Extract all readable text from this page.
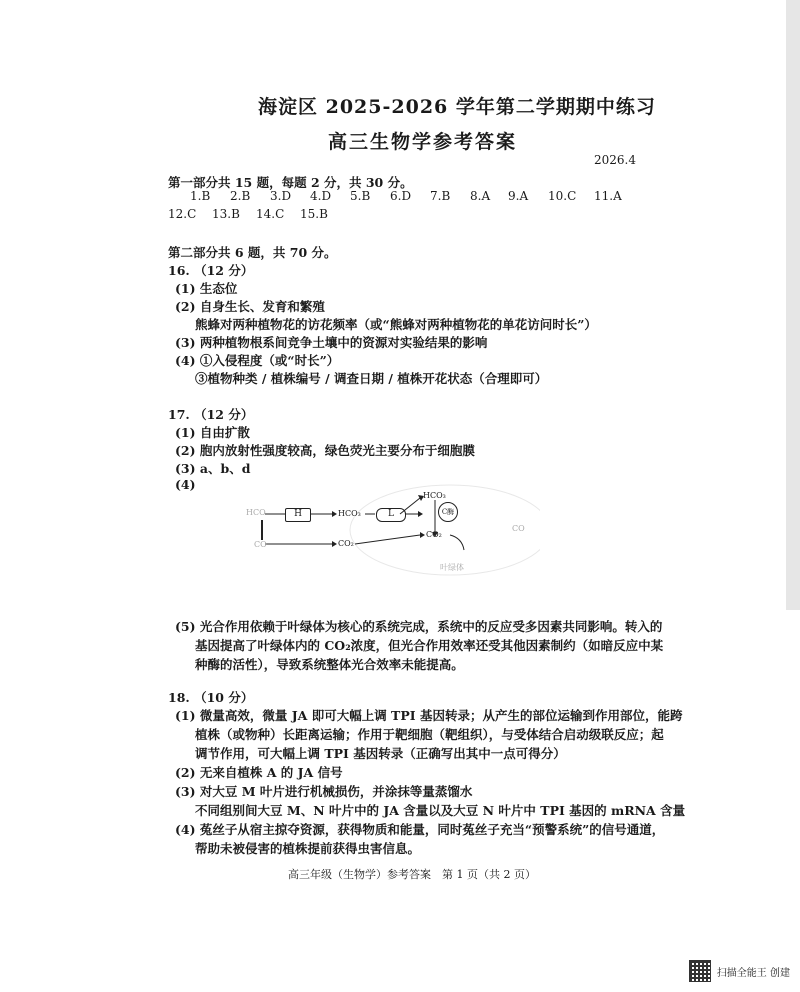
海淀区 2025-2026 学年第二学期期中练习
高三生物学参考答案
2026.4
第一部分共 15 题，每题 2 分，共 30 分。
1.B 2.B 3.D 4.D 5.B 6.D 7.B 8.A 9.A 10.C 11.A
12.C 13.B 14.C 15.B
第二部分共 6 题，共 70 分。
16. （12 分）
(1) 生态位
(2) 自身生长、发育和繁殖
熊蜂对两种植物花的访花频率（或“熊蜂对两种植物花的单花访问时长”）
(3) 两种植物根系间竞争土壤中的资源对实验结果的影响
(4) ①入侵程度（或“时长”）
③植物种类 / 植株编号 / 调查日期 / 植株开花状态（合理即可）
17. （12 分）
(1) 自由扩散
(2) 胞内放射性强度较高，绿色荧光主要分布于细胞膜
(3) a、b、d
(4)
H	HCO₃	L
HCO₃
C酶
CO₂
CO₂
HCO
CO
CO
叶绿体
(5) 光合作用依赖于叶绿体为核心的系统完成，系统中的反应受多因素共同影响。转入的
基因提高了叶绿体内的 CO₂浓度，但光合作用效率还受其他因素制约（如暗反应中某
种酶的活性），导致系统整体光合效率未能提高。
18. （10 分）
(1) 微量高效，微量 JA 即可大幅上调 TPI 基因转录；从产生的部位运输到作用部位，能跨
植株（或物种）长距离运输；作用于靶细胞（靶组织），与受体结合启动级联反应；起
调节作用，可大幅上调 TPI 基因转录（正确写出其中一点可得分）
(2) 无来自植株 A 的 JA 信号
(3) 对大豆 M 叶片进行机械损伤，并涂抹等量蒸馏水
不同组别间大豆 M、N 叶片中的 JA 含量以及大豆 N 叶片中 TPI 基因的 mRNA 含量
(4) 菟丝子从宿主掠夺资源，获得物质和能量，同时菟丝子充当“预警系统”的信号通道，
帮助未被侵害的植株提前获得虫害信息。
高三年级（生物学）参考答案　第 1 页（共 2 页）
扫描全能王 创建
